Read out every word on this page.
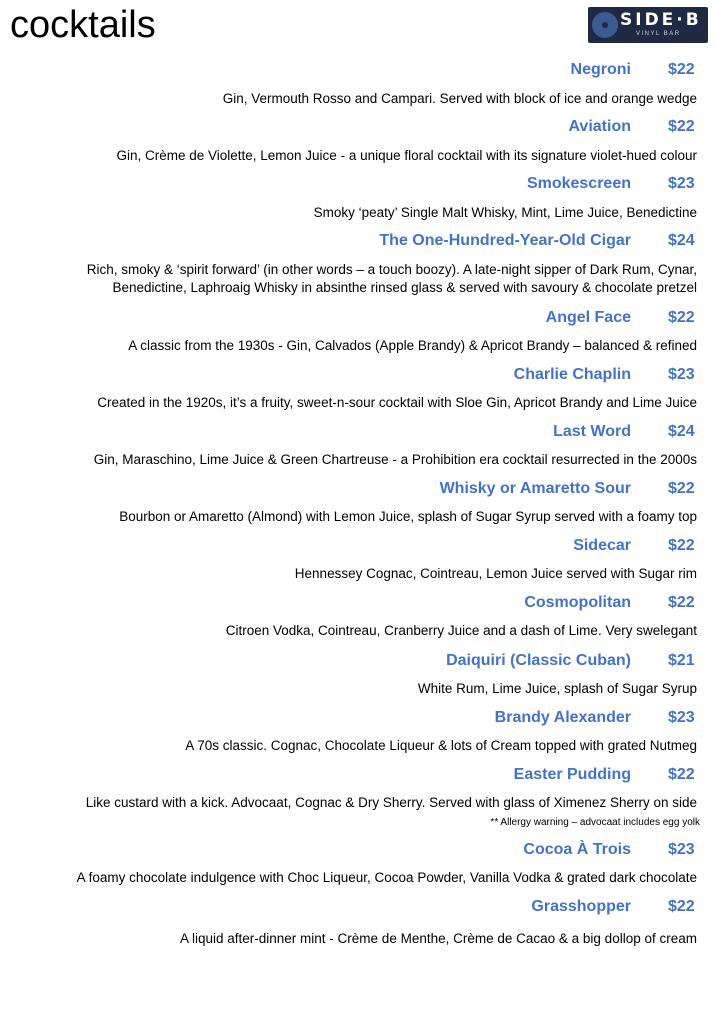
cocktails	SIDE·B
VINYL BAR
Negroni $22
Gin, Vermouth Rosso and Campari. Served with block of ice and orange wedge
Aviation $22
Gin, Crème de Violette, Lemon Juice - a unique floral cocktail with its signature violet-hued colour
Smokescreen $23
Smoky ‘peaty’ Single Malt Whisky, Mint, Lime Juice, Benedictine
The One-Hundred-Year-Old Cigar $24
Rich, smoky & ‘spirit forward’ (in other words – a touch boozy). A late-night sipper of Dark Rum, Cynar,
Benedictine, Laphroaig Whisky in absinthe rinsed glass & served with savoury & chocolate pretzel
Angel Face $22
A classic from the 1930s - Gin, Calvados (Apple Brandy) & Apricot Brandy – balanced & refined
Charlie Chaplin $23
Created in the 1920s, it’s a fruity, sweet-n-sour cocktail with Sloe Gin, Apricot Brandy and Lime Juice
Last Word $24
Gin, Maraschino, Lime Juice & Green Chartreuse - a Prohibition era cocktail resurrected in the 2000s
Whisky or Amaretto Sour $22
Bourbon or Amaretto (Almond) with Lemon Juice, splash of Sugar Syrup served with a foamy top
Sidecar $22
Hennessey Cognac, Cointreau, Lemon Juice served with Sugar rim
Cosmopolitan $22
Citroen Vodka, Cointreau, Cranberry Juice and a dash of Lime. Very swelegant
Daiquiri (Classic Cuban) $21
White Rum, Lime Juice, splash of Sugar Syrup
Brandy Alexander $23
A 70s classic. Cognac, Chocolate Liqueur & lots of Cream topped with grated Nutmeg
Easter Pudding $22
Like custard with a kick. Advocaat, Cognac & Dry Sherry. Served with glass of Ximenez Sherry on side
** Allergy warning – advocaat includes egg yolk
Cocoa À Trois $23
A foamy chocolate indulgence with Choc Liqueur, Cocoa Powder, Vanilla Vodka & grated dark chocolate
Grasshopper $22
A liquid after-dinner mint - Crème de Menthe, Crème de Cacao & a big dollop of cream
